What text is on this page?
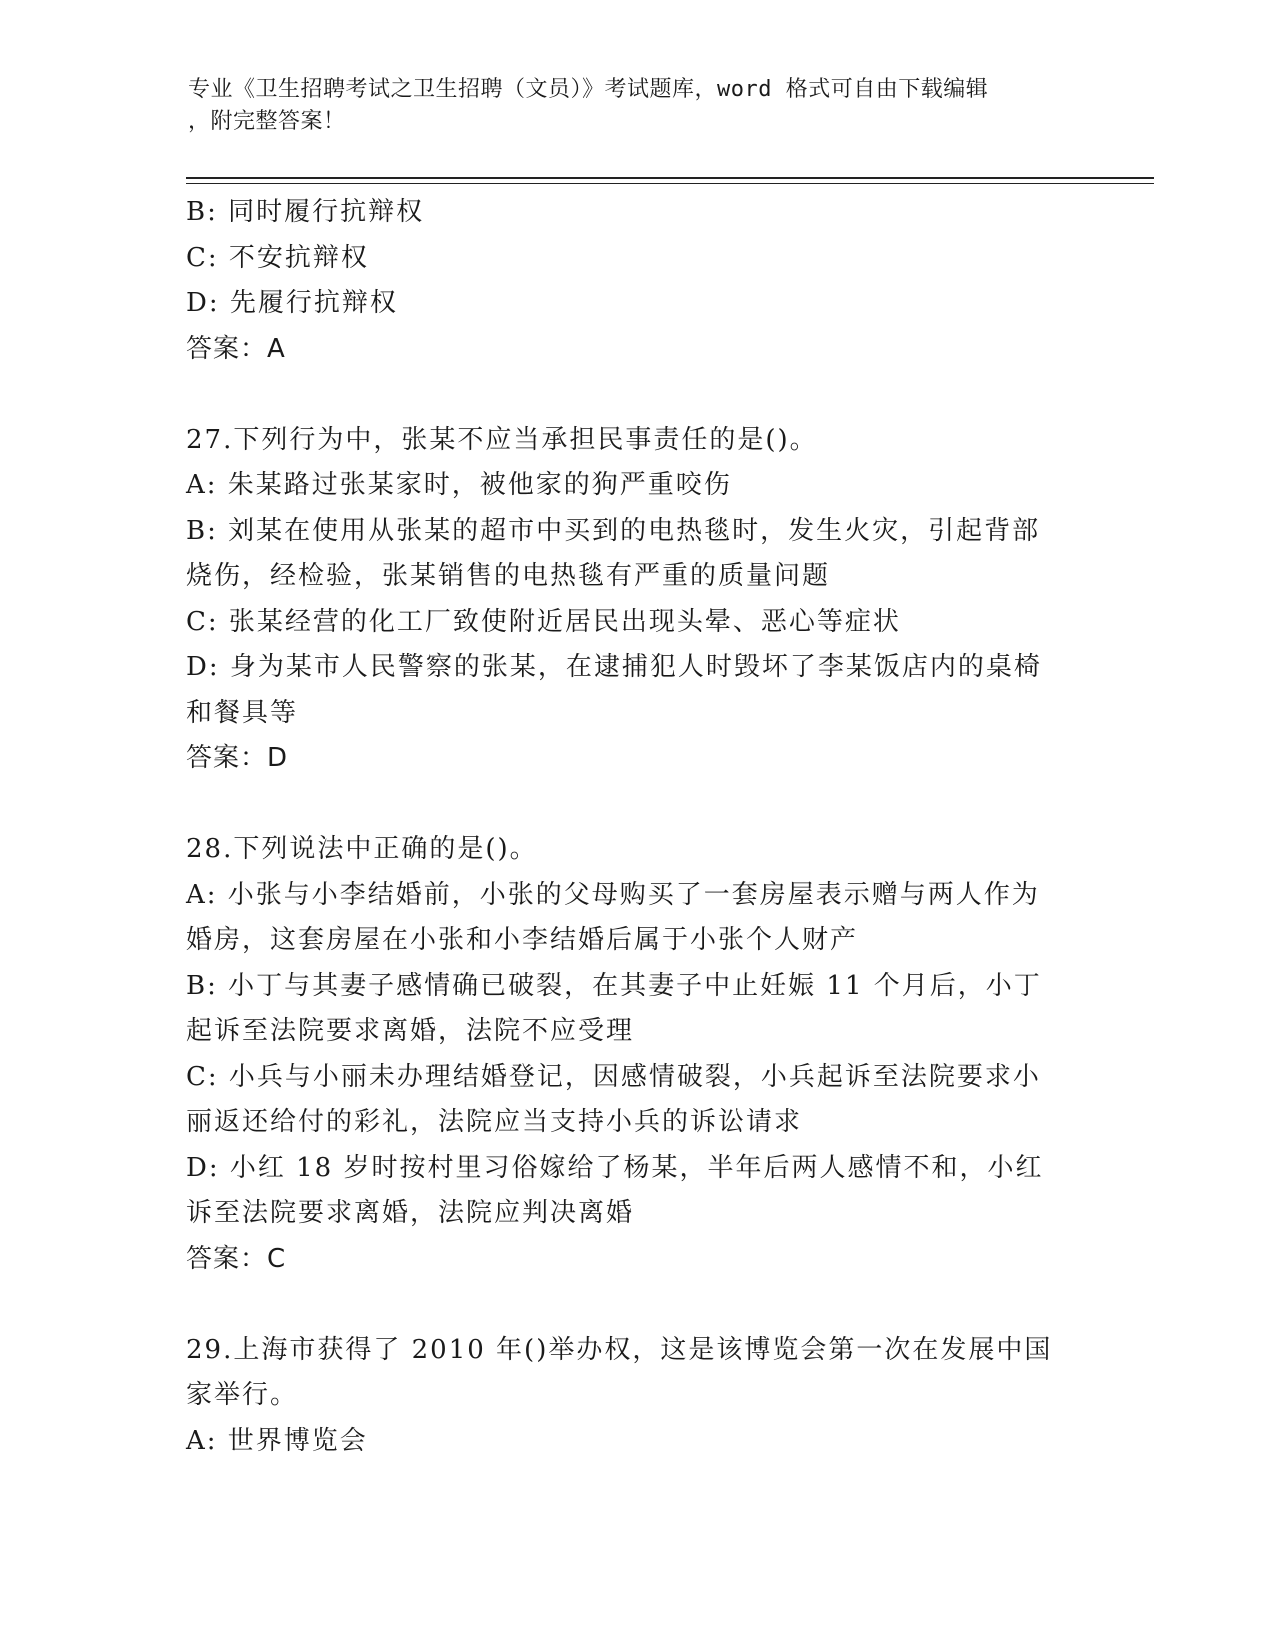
专业《卫生招聘考试之卫生招聘（文员）》考试题库，word 格式可自由下载编辑
，附完整答案！
B: 同时履行抗辩权
C: 不安抗辩权
D: 先履行抗辩权
答案：A
27.下列行为中，张某不应当承担民事责任的是()。
A: 朱某路过张某家时，被他家的狗严重咬伤
B: 刘某在使用从张某的超市中买到的电热毯时，发生火灾，引起背部
烧伤，经检验，张某销售的电热毯有严重的质量问题
C: 张某经营的化工厂致使附近居民出现头晕、恶心等症状
D: 身为某市人民警察的张某，在逮捕犯人时毁坏了李某饭店内的桌椅
和餐具等
答案：D
28.下列说法中正确的是()。
A: 小张与小李结婚前，小张的父母购买了一套房屋表示赠与两人作为
婚房，这套房屋在小张和小李结婚后属于小张个人财产
B: 小丁与其妻子感情确已破裂，在其妻子中止妊娠 11 个月后，小丁
起诉至法院要求离婚，法院不应受理
C: 小兵与小丽未办理结婚登记，因感情破裂，小兵起诉至法院要求小
丽返还给付的彩礼，法院应当支持小兵的诉讼请求
D: 小红 18 岁时按村里习俗嫁给了杨某，半年后两人感情不和，小红
诉至法院要求离婚，法院应判决离婚
答案：C
29.上海市获得了 2010 年()举办权，这是该博览会第一次在发展中国
家举行。
A: 世界博览会
